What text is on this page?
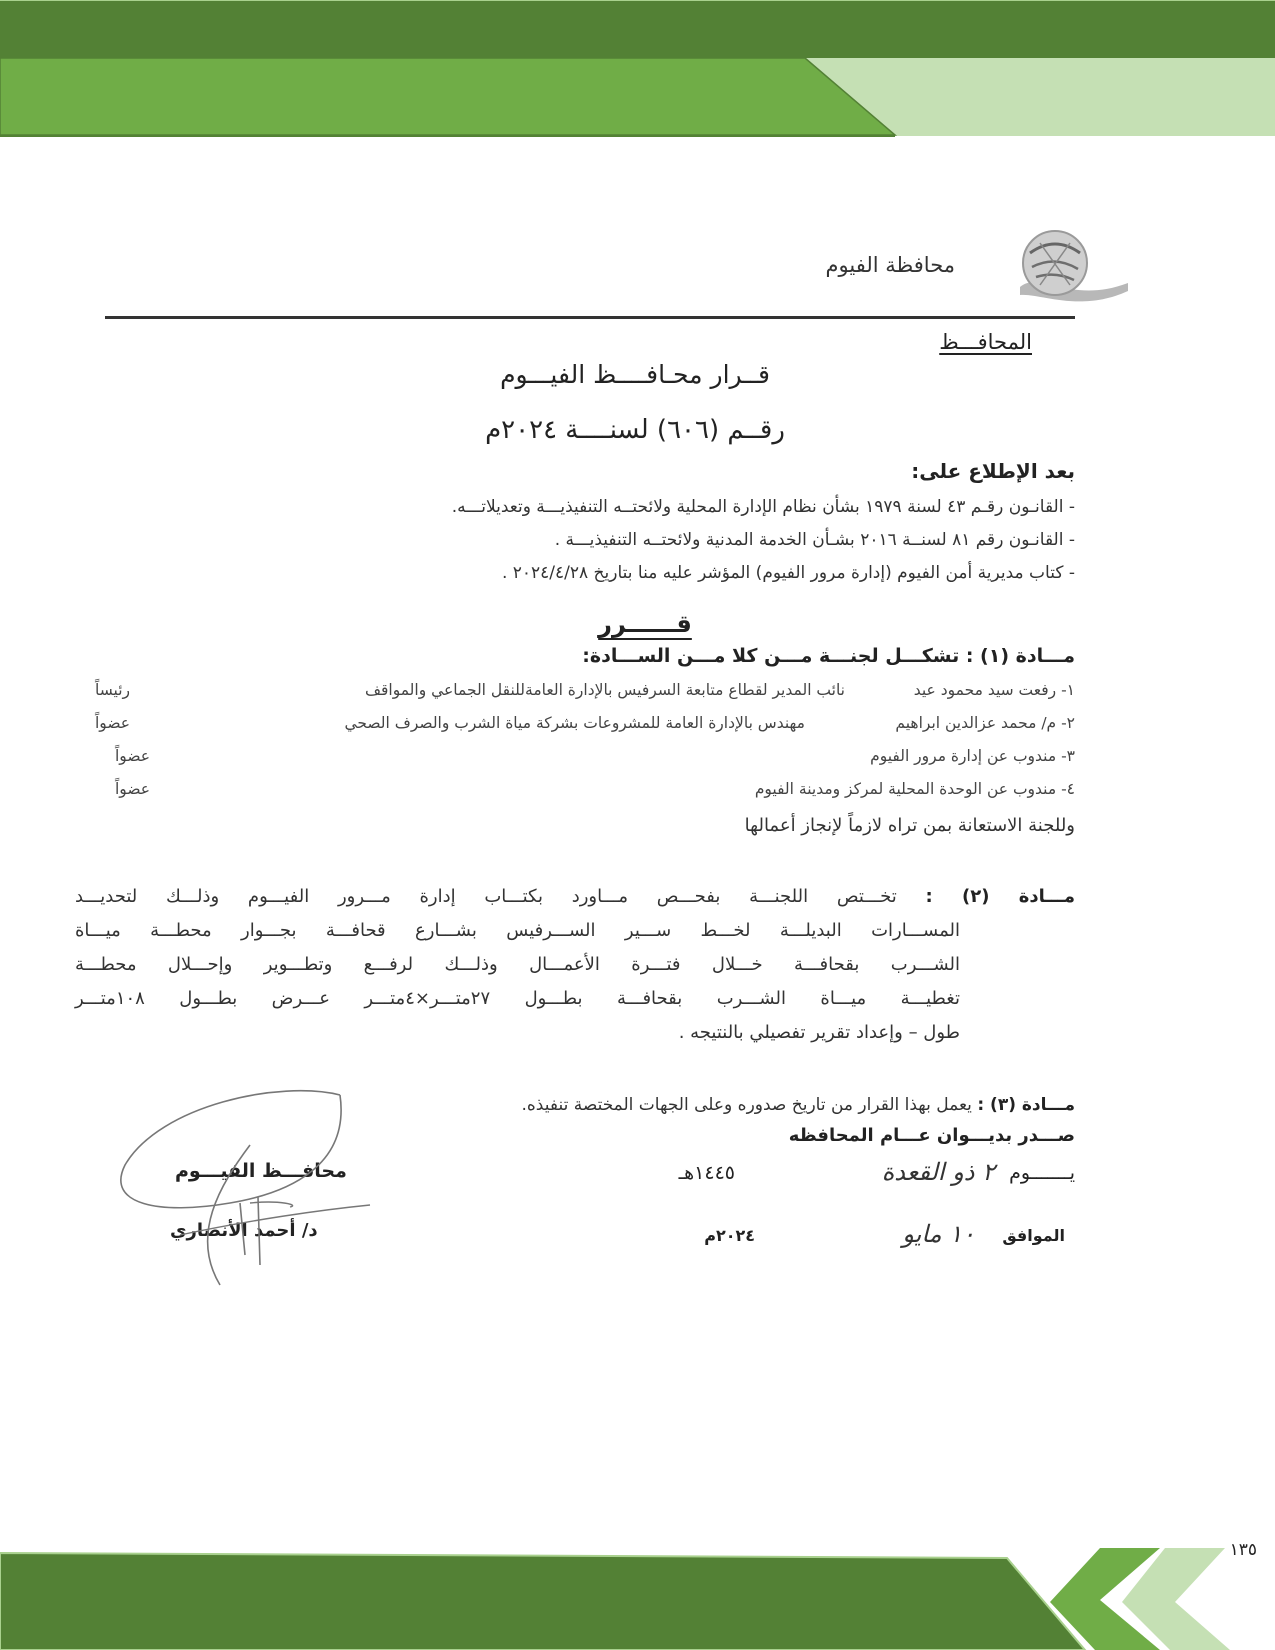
محافظة الفيوم
المحافـــظ
قــرار محـافــــظ الفيـــوم
رقــم (٦٠٦) لسنــــة ٢٠٢٤م
بعد الإطلاع على:
- القانـون رقـم ٤٣ لسنة ١٩٧٩ بشأن نظام الإدارة المحلية ولائحتــه التنفيذيـــة وتعديلاتـــه.
- القانـون رقم ٨١ لسنــة ٢٠١٦ بشـأن الخدمة المدنية ولائحتــه التنفيذيـــة .
- كتاب مديرية أمن الفيوم (إدارة مرور الفيوم) المؤشر عليه منا بتاريخ ٢٠٢٤/٤/٢٨ .
قــــــرر
مـــادة (١) : تشكـــل لجنـــة مـــن كلا مـــن الســـادة:
١- رفعت سيد محمود عيد
نائب المدير لقطاع متابعة السرفيس بالإدارة العامةللنقل الجماعي والمواقف
رئيساً
٢- م/ محمد عزالدين ابراهيم
مهندس بالإدارة العامة للمشروعات بشركة مياة الشرب والصرف الصحي
عضواً
٣- مندوب عن إدارة مرور الفيوم
عضواً
٤- مندوب عن الوحدة المحلية لمركز ومدينة الفيوم
عضواً
وللجنة الاستعانة بمن تراه لازماً لإنجاز أعمالها
مـــادة (٢) : تخـــتص اللجنـــة بفحـــص مـــاورد بكتـــاب إدارة مـــرور الفيـــوم وذلـــك لتحديـــد
المســـارات البديلـــة لخـــط ســـير الســـرفيس بشـــارع قحافـــة بجـــوار محطـــة ميـــاة
الشـــرب بقحافـــة خـــلال فتـــرة الأعمـــال وذلـــك لرفـــع وتطـــوير وإحـــلال محطـــة
تغطيـــة ميـــاة الشـــرب بقحافـــة بطـــول ٢٧متـــر×٤متـــر عـــرض بطـــول ١٠٨متـــر
طول – وإعداد تقرير تفصيلي بالنتيجه .
مـــادة (٣) : يعمل بهذا القرار من تاريخ صدوره وعلى الجهات المختصة تنفيذه.
صـــدر بديـــوان عـــام المحافظه
يـــــــوم
٢ ذو القعدة
١٤٤٥هـ
الموافق
١٠ مايو
٢٠٢٤م
محافـــظ الفيـــوم
د/ أحمد الأنصاري
١٣٥
